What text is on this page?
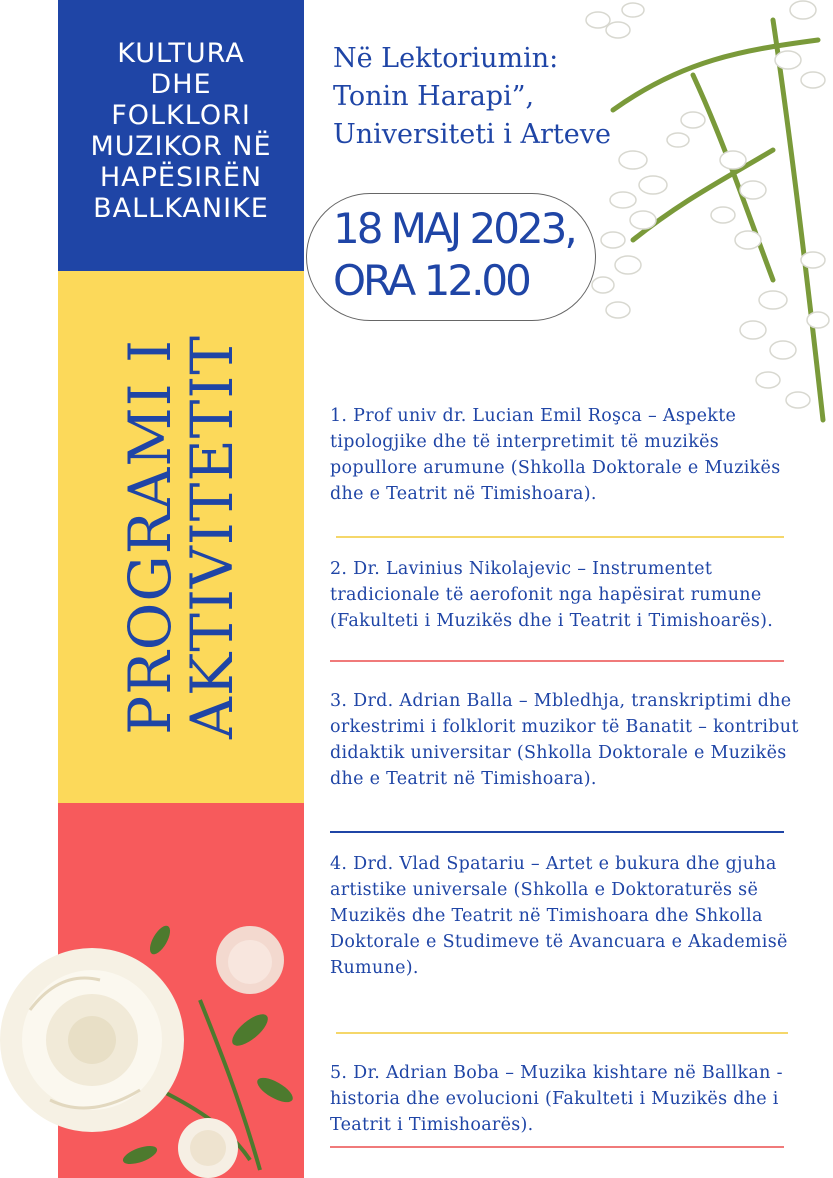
KULTURA
DHE
FOLKLORI
MUZIKOR NË
HAPËSIRËN
BALLKANIKE
PROGRAMI I
AKTIVITETIT
Në Lektoriumin:
Tonin Harapi”,
Universiteti i Arteve
18 MAJ 2023,
ORA 12.00
1. Prof univ dr. Lucian Emil Roşca – Aspekte tipologjike dhe të interpretimit të muzikës popullore arumune (Shkolla Doktorale e Muzikës dhe e Teatrit në Timishoara).
2. Dr. Lavinius Nikolajevic – Instrumentet tradicionale të aerofonit nga hapësirat rumune (Fakulteti i Muzikës dhe i Teatrit i Timishoarës).
3. Drd. Adrian Balla – Mbledhja, transkriptimi dhe orkestrimi i folklorit muzikor të Banatit – kontribut didaktik universitar (Shkolla Doktorale e Muzikës dhe e Teatrit në Timishoara).
4. Drd. Vlad Spatariu – Artet e bukura dhe gjuha artistike universale (Shkolla e Doktoraturës së Muzikës dhe Teatrit në Timishoara dhe Shkolla Doktorale e Studimeve të Avancuara e Akademisë Rumune).
5. Dr. Adrian Boba – Muzika kishtare në Ballkan - historia dhe evolucioni (Fakulteti i Muzikës dhe i Teatrit i Timishoarës).
